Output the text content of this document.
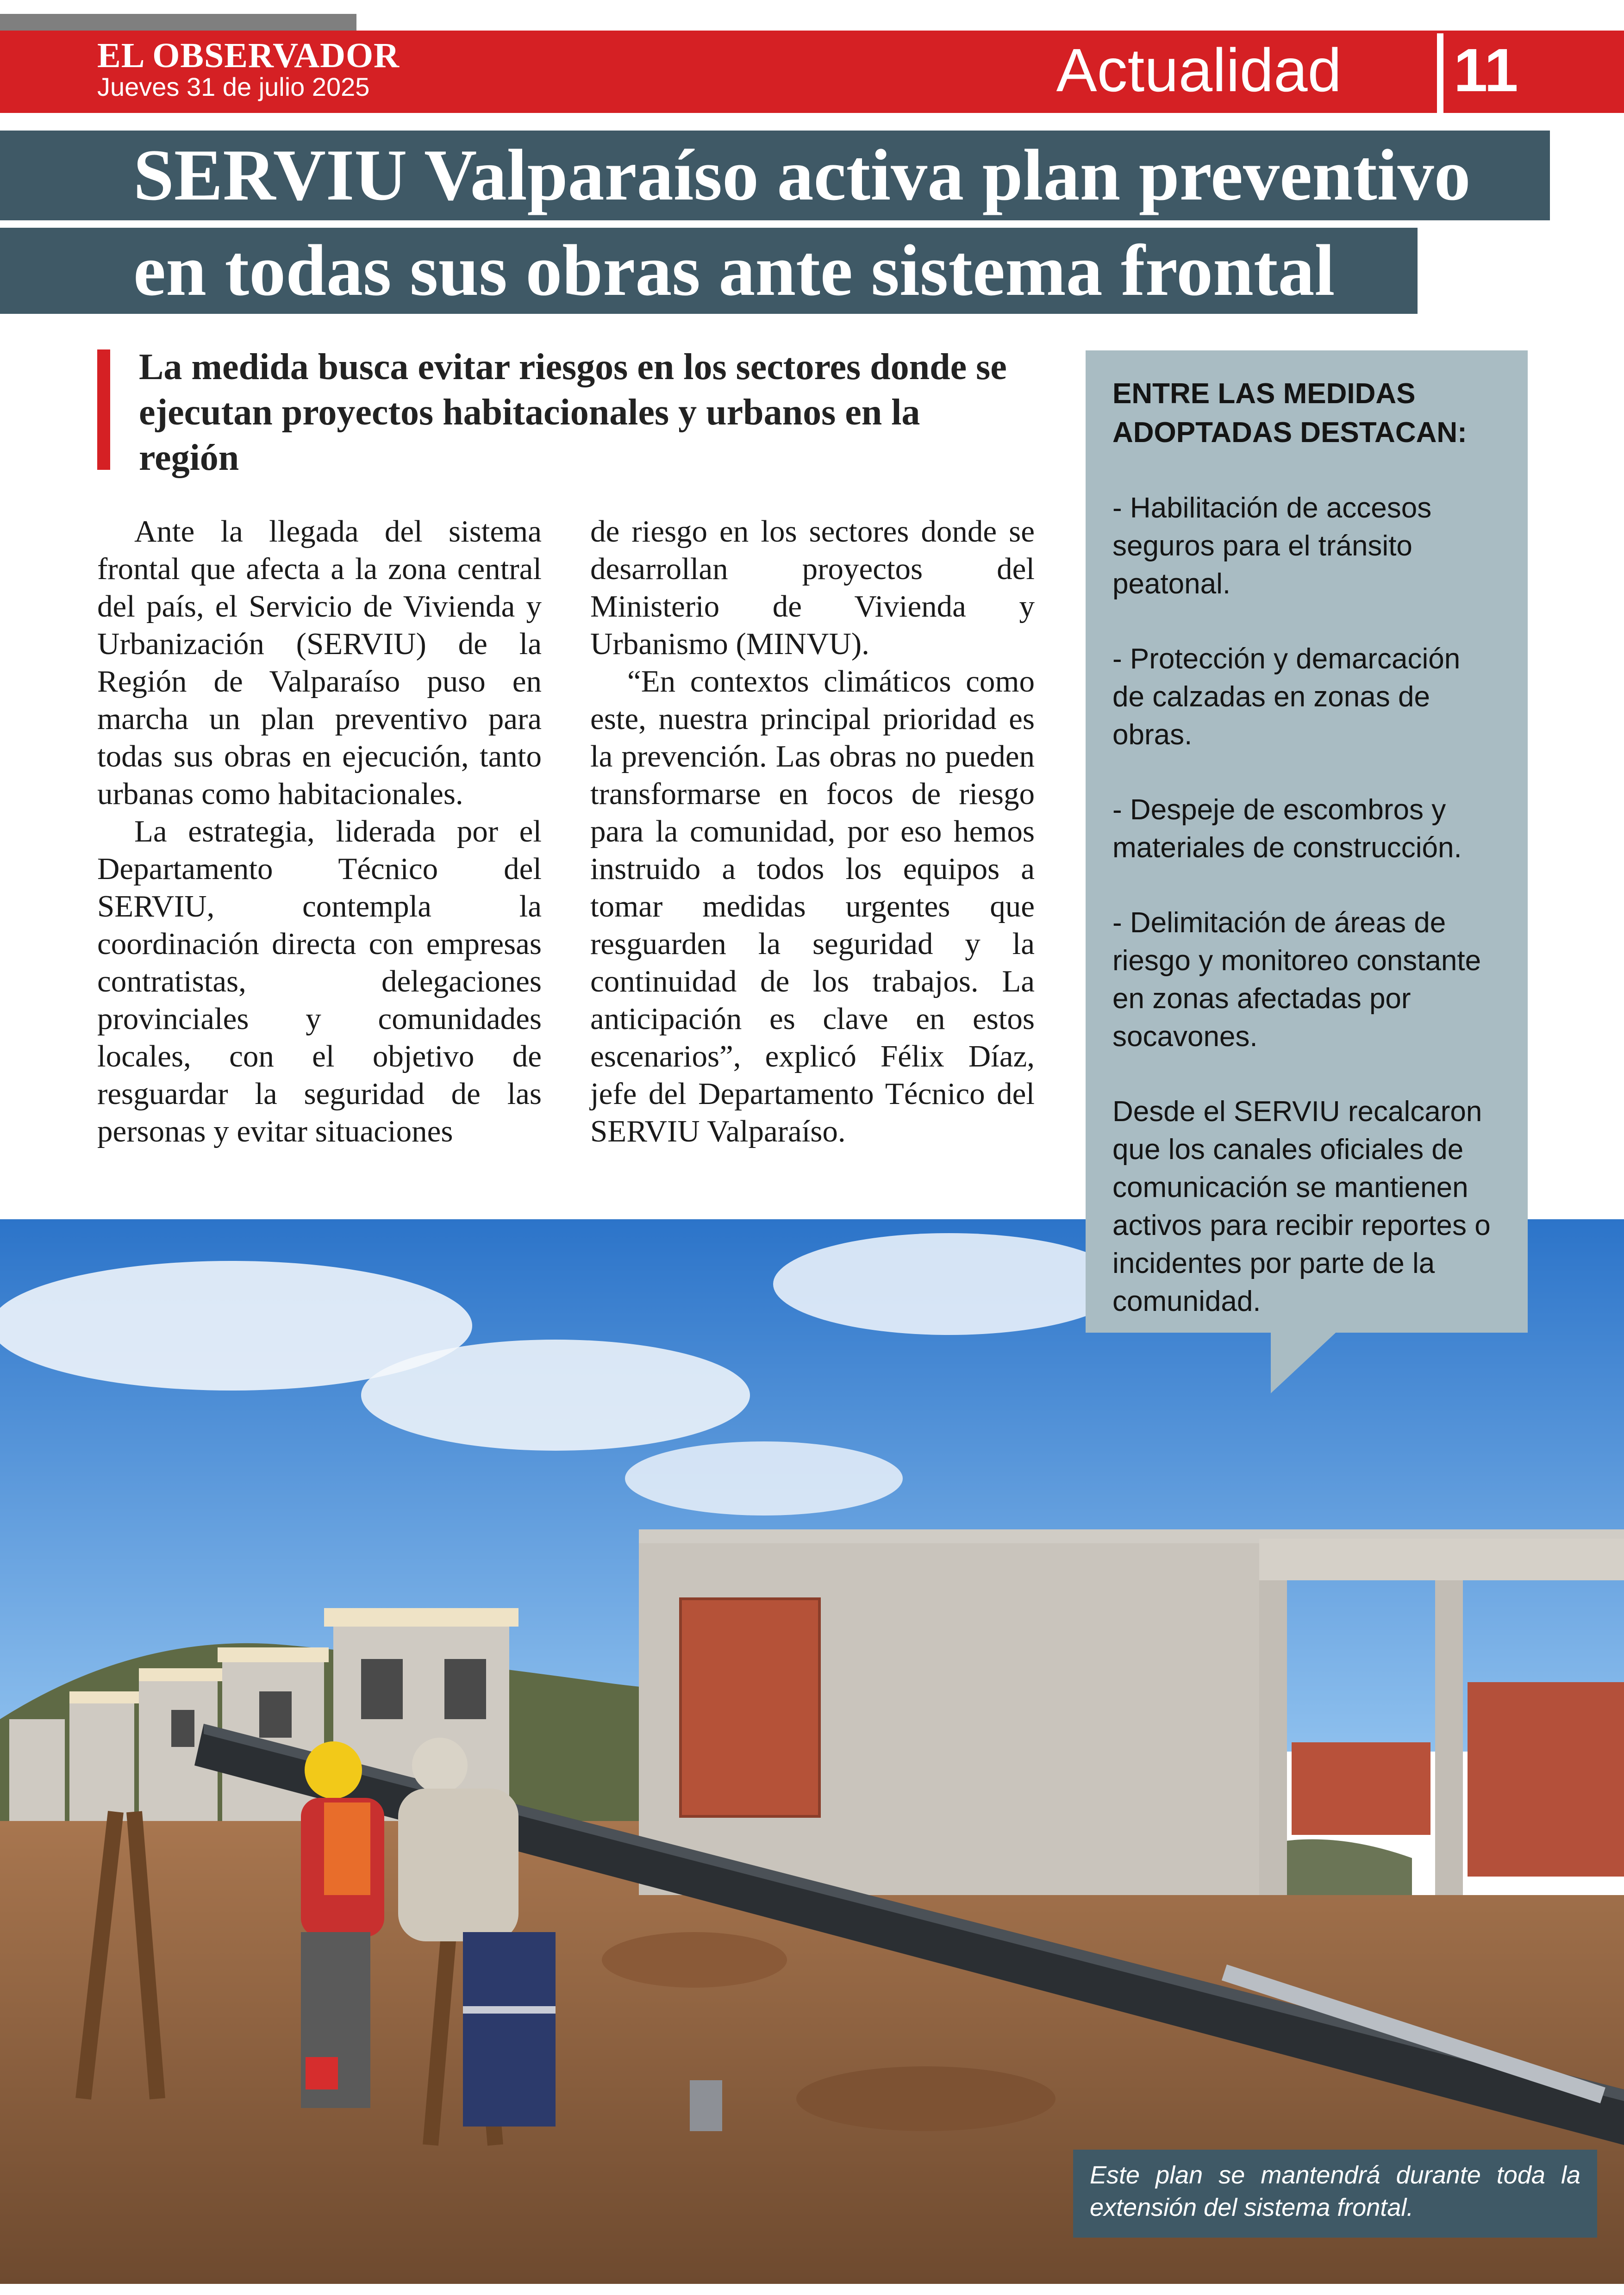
EL OBSERVADOR
Jueves 31 de julio 2025	Actualidad 11
SERVIU Valparaíso activa plan preventivo
en todas sus obras ante sistema frontal
La medida busca evitar riesgos en los sectores donde se ejecutan proyectos habitacionales y urbanos en la región

Ante la llegada del sistema frontal que afecta a la zona central del país, el Servicio de Vivienda y Urbanización (SERVIU) de la Región de Valparaíso puso en marcha un plan preventivo para todas sus obras en ejecución, tanto urbanas como habitacionales.

La estrategia, liderada por el Departamento Técnico del SERVIU, contempla la coordinación directa con empresas contratistas, delegaciones provinciales y comunidades locales, con el objetivo de resguardar la seguridad de las personas y evitar situaciones

de riesgo en los sectores donde se desarrollan proyectos del Ministerio de Vivienda y Urbanismo (MINVU).

“En contextos climáticos como este, nuestra principal prioridad es la prevención. Las obras no pueden transformarse en focos de riesgo para la comunidad, por eso hemos instruido a todos los equipos a tomar medidas urgentes que resguarden la seguridad y la continuidad de los trabajos. La anticipación es clave en estos escenarios”, explicó Félix Díaz, jefe del Departamento Técnico del SERVIU Valparaíso.

ENTRE LAS MEDIDAS ADOPTADAS DESTACAN:

- Habilitación de accesos seguros para el tránsito peatonal.

- Protección y demarcación de calzadas en zonas de obras.

- Despeje de escombros y materiales de construcción.

- Delimitación de áreas de riesgo y monitoreo constante en zonas afectadas por socavones.

Desde el SERVIU recalcaron que los canales oficiales de comunicación se mantienen activos para recibir reportes o incidentes por parte de la comunidad.

Este plan se mantendrá durante toda la extensión del sistema frontal.
